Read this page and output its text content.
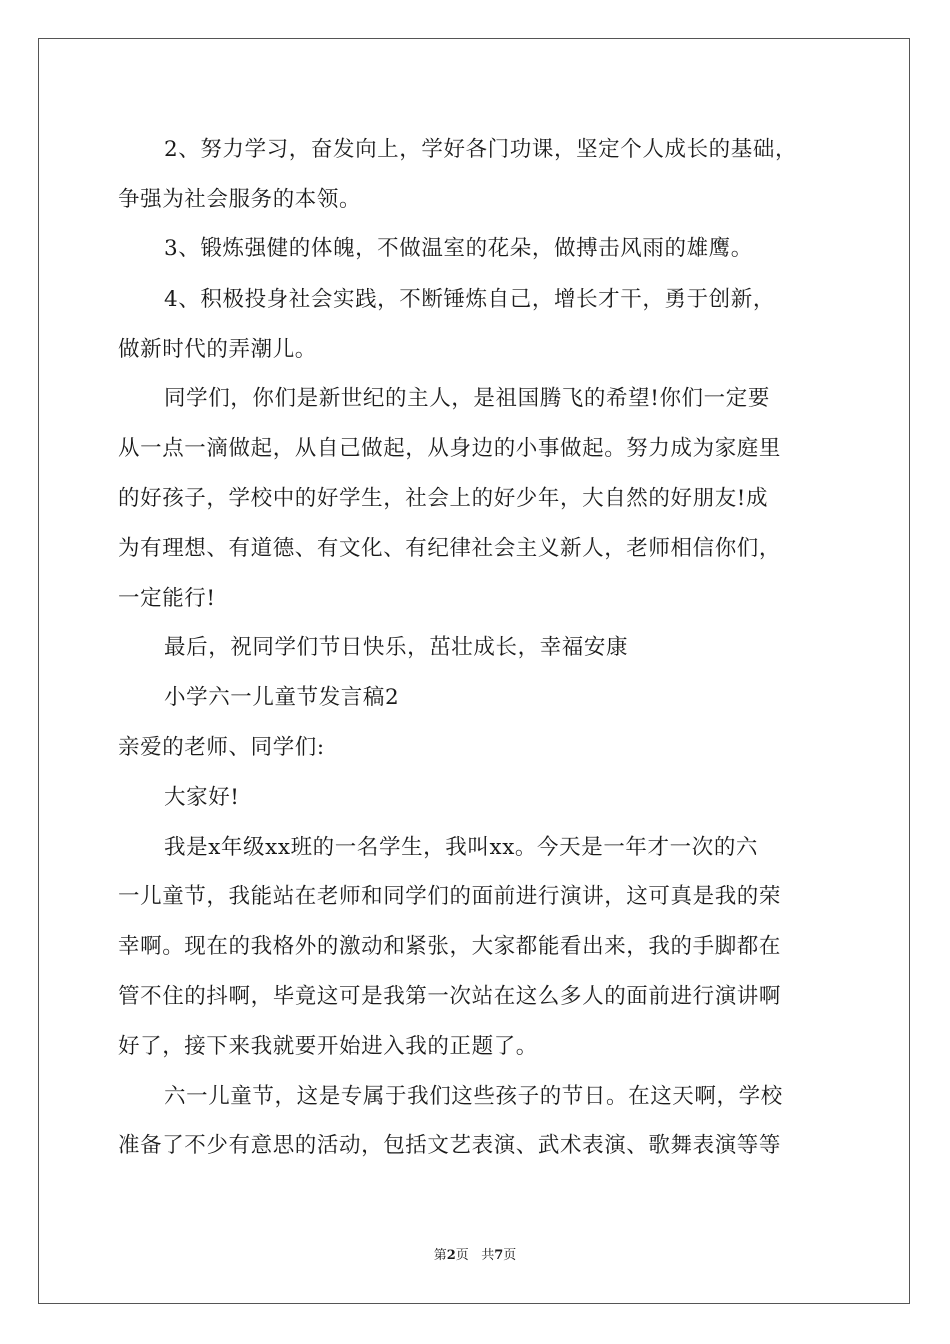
2、努力学习，奋发向上，学好各门功课，坚定个人成长的基础，
争强为社会服务的本领。
3、锻炼强健的体魄，不做温室的花朵，做搏击风雨的雄鹰。
4、积极投身社会实践，不断锤炼自己，增长才干，勇于创新，
做新时代的弄潮儿。
同学们，你们是新世纪的主人，是祖国腾飞的希望!你们一定要
从一点一滴做起，从自己做起，从身边的小事做起。努力成为家庭里
的好孩子，学校中的好学生，社会上的好少年，大自然的好朋友!成
为有理想、有道德、有文化、有纪律社会主义新人，老师相信你们，
一定能行!
最后，祝同学们节日快乐，茁壮成长，幸福安康
小学六一儿童节发言稿2
亲爱的老师、同学们:
大家好!
我是x年级xx班的一名学生，我叫xx。今天是一年才一次的六
一儿童节，我能站在老师和同学们的面前进行演讲，这可真是我的荣
幸啊。现在的我格外的激动和紧张，大家都能看出来，我的手脚都在
管不住的抖啊，毕竟这可是我第一次站在这么多人的面前进行演讲啊
好了，接下来我就要开始进入我的正题了。
六一儿童节，这是专属于我们这些孩子的节日。在这天啊，学校
准备了不少有意思的活动，包括文艺表演、武术表演、歌舞表演等等
第2页 共7页
